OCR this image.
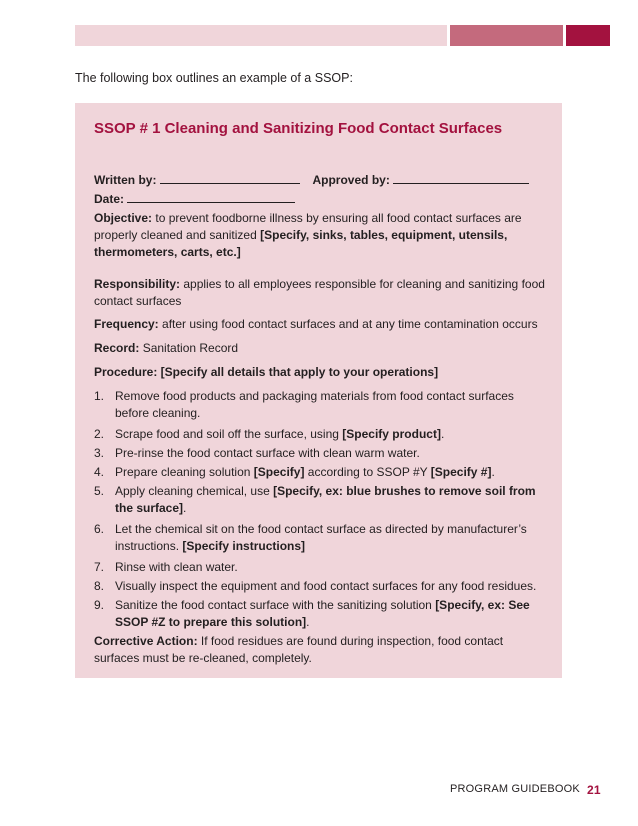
The following box outlines an example of a SSOP:
SSOP # 1 Cleaning and Sanitizing Food Contact Surfaces
Written by:	Approved by:
Date:
Objective: to prevent foodborne illness by ensuring all food contact surfaces are properly cleaned and sanitized [Specify, sinks, tables, equipment, utensils, thermometers, carts, etc.]
Responsibility: applies to all employees responsible for cleaning and sanitizing food contact surfaces
Frequency: after using food contact surfaces and at any time contamination occurs
Record: Sanitation Record
Procedure: [Specify all details that apply to your operations]
1. Remove food products and packaging materials from food contact surfaces before cleaning.
2. Scrape food and soil off the surface, using [Specify product].
3. Pre-rinse the food contact surface with clean warm water.
4. Prepare cleaning solution [Specify] according to SSOP #Y [Specify #].
5. Apply cleaning chemical, use [Specify, ex: blue brushes to remove soil from the surface].
6. Let the chemical sit on the food contact surface as directed by manufacturer’s instructions. [Specify instructions]
7. Rinse with clean water.
8. Visually inspect the equipment and food contact surfaces for any food residues.
9. Sanitize the food contact surface with the sanitizing solution [Specify, ex: See SSOP #Z to prepare this solution].
Corrective Action: If food residues are found during inspection, food contact surfaces must be re-cleaned, completely.
PROGRAM GUIDEBOOK 21
